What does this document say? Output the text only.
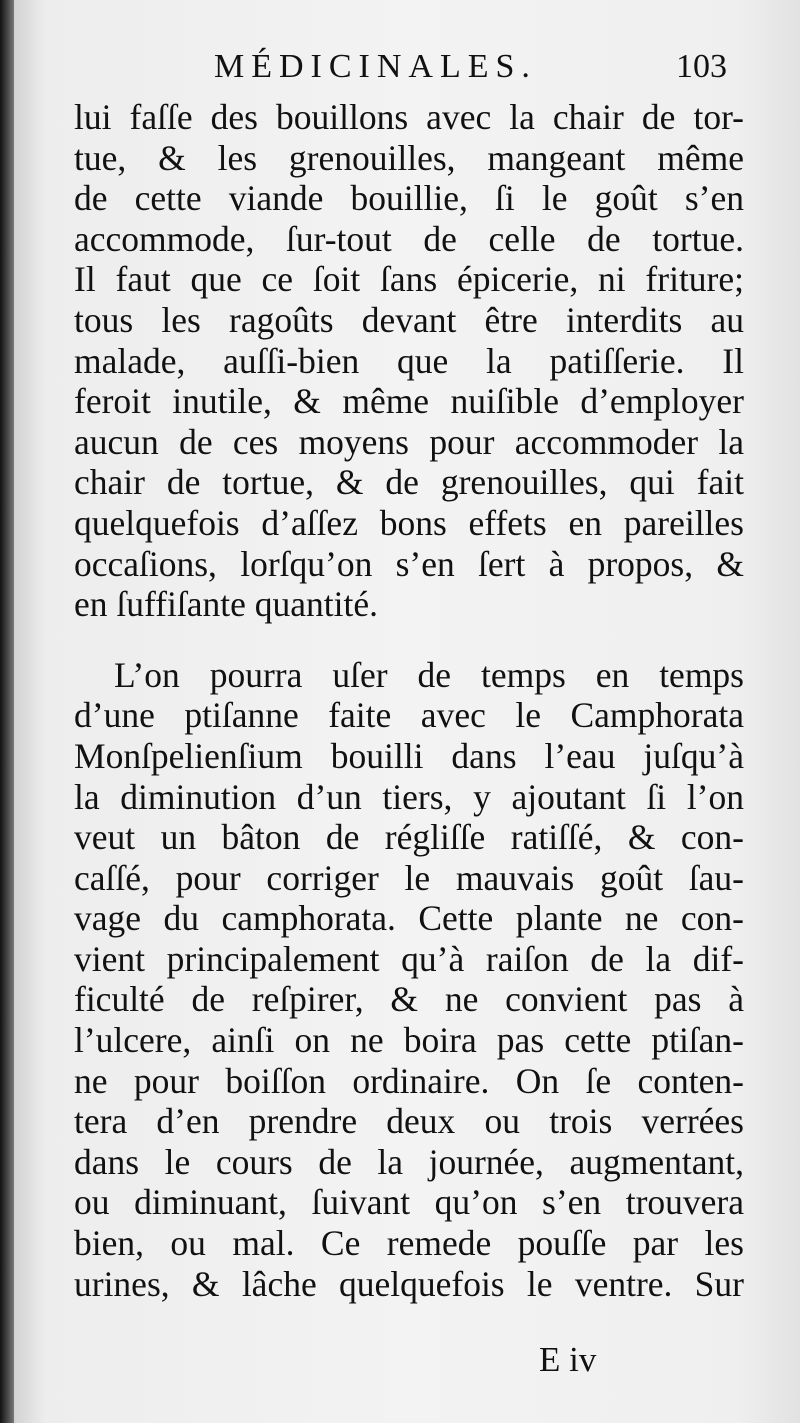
MÉDICINALES.	103
lui faſſe des bouillons avec la chair de tor-
tue, & les grenouilles, mangeant même
de cette viande bouillie, ſi le goût s’en
accommode, ſur-tout de celle de tortue.
Il faut que ce ſoit ſans épicerie, ni friture;
tous les ragoûts devant être interdits au
malade, auſſi-bien que la patiſſerie. Il
feroit inutile, & même nuiſible d’employer
aucun de ces moyens pour accommoder la
chair de tortue, & de grenouilles, qui fait
quelquefois d’aſſez bons effets en pareilles
occaſions, lorſqu’on s’en ſert à propos, &
en ſuffiſante quantité.
L’on pourra uſer de temps en temps
d’une ptiſanne faite avec le Camphorata
Monſpelienſium bouilli dans l’eau juſqu’à
la diminution d’un tiers, y ajoutant ſi l’on
veut un bâton de régliſſe ratiſſé, & con-
caſſé, pour corriger le mauvais goût ſau-
vage du camphorata. Cette plante ne con-
vient principalement qu’à raiſon de la dif-
ficulté de reſpirer, & ne convient pas à
l’ulcere, ainſi on ne boira pas cette ptiſan-
ne pour boiſſon ordinaire. On ſe conten-
tera d’en prendre deux ou trois verrées
dans le cours de la journée, augmentant,
ou diminuant, ſuivant qu’on s’en trouvera
bien, ou mal. Ce remede pouſſe par les
urines, & lâche quelquefois le ventre. Sur
E iv
